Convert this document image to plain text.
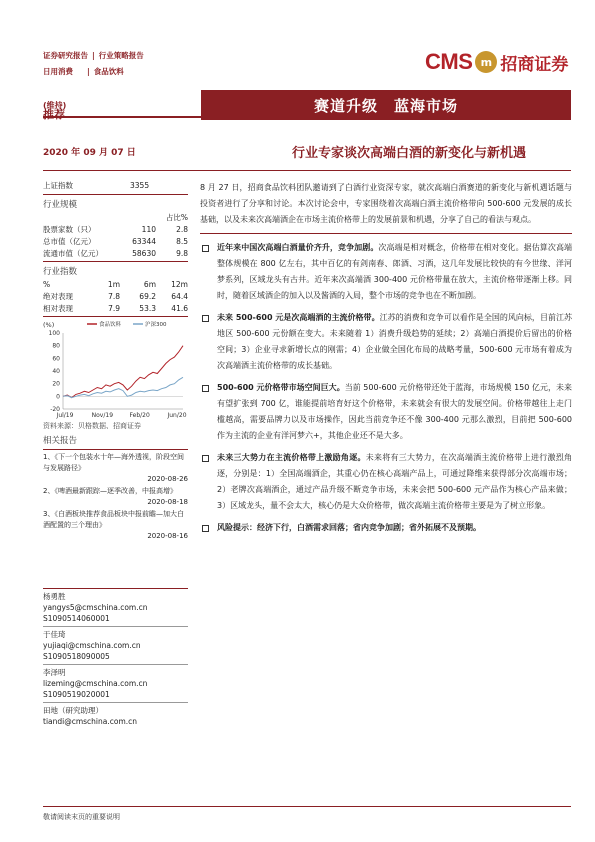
证券研究报告 | 行业策略报告
日用消费 | 食品饮料	CMS m 招商证券
推荐
(维持)	赛道升级　蓝海市场
2020 年 09 月 07 日	行业专家谈次高端白酒的新变化与新机遇
上证指数	3355
行业规模
占比%
股票家数（只）	110	2.8
总市值（亿元）	63344	8.5
流通市值（亿元）	58630	9.8
行业指数
%	1m	6m	12m
绝对表现	7.8	69.2	64.4
相对表现	7.9	53.3	41.6
(%)	食品饮料	沪深300
100
80
60
40
20
0
-20
Jul/19	Nov/19	Feb/20	Jun/20
资料来源：贝格数据、招商证券
相关报告
1、《下一个包装水十年—海外透视，阶段空间与发展路径》
2020-08-26
2、《啤酒最新跟踪—逐季改善，中报高增》
2020-08-18
3、《白酒板块推荐食品板块中报前瞻—加大白酒配置的三个理由》
2020-08-16
杨勇胜
yangys5@cmschina.com.cn
S1090514060001
于佳琦
yujiaqi@cmschina.com.cn
S1090518090005
李泽明
lizeming@cmschina.com.cn
S1090519020001
田地（研究助理）
tiandi@cmschina.com.cn
8 月 27 日，招商食品饮料团队邀请到了白酒行业资深专家，就次高端白酒赛道的新变化与新机遇话题与投资者进行了分享和讨论。本次讨论会中，专家围绕着次高端白酒主流价格带向 500-600 元发展的成长基础，以及未来次高端酒企在市场主流价格带上的发展前景和机遇，分享了自己的看法与观点。
近年来中国次高端白酒量价齐升，竞争加剧。次高端是相对概念，价格带在相对变化。据估算次高端整体规模在 800 亿左右，其中百亿的有剑南春、郎酒、习酒，这几年发展比较快的有今世缘、洋河梦系列，区域龙头有古井。近年来次高端酒 300-400 元价格带量在放大，主流价格带逐渐上移。同时，随着区域酒企的加入以及酱酒的入局，整个市场的竞争也在不断加剧。
未来 500-600 元是次高端酒的主流价格带。江苏的消费和竞争可以看作是全国的风向标，目前江苏地区 500-600 元份额在变大。未来随着 1）消费升级趋势的延续；2）高端白酒提价后留出的价格空间；3）企业寻求新增长点的刚需；4）企业做全国化布局的战略考量，500-600 元市场有着成为次高端酒主流价格带的成长基础。
500-600 元价格带市场空间巨大。当前 500-600 元价格带还处于蓝海，市场规模 150 亿元，未来有望扩张到 700 亿，谁能提前培育好这个价格带，未来就会有很大的发展空间。价格带越往上走门槛越高，需要品牌力以及市场操作，因此当前竞争还不像 300-400 元那么激烈，目前把 500-600 作为主流的企业有洋河梦六+，其他企业还不是大多。
未来三大势力在主流价格带上激励角逐。未来将有三大势力，在次高端酒主流价格带上进行激烈角逐，分别是：1）全国高端酒企，其重心仍在核心高端产品上，可通过降维来获得部分次高端市场；2）老牌次高端酒企，通过产品升级不断竞争市场，未来会把 500-600 元产品作为核心产品来做；3）区域龙头，量不会太大，核心仍是大众价格带，做次高端主流价格带主要是为了树立形象。
风险提示：经济下行，白酒需求回落；省内竞争加剧；省外拓展不及预期。
敬请阅读末页的重要说明
